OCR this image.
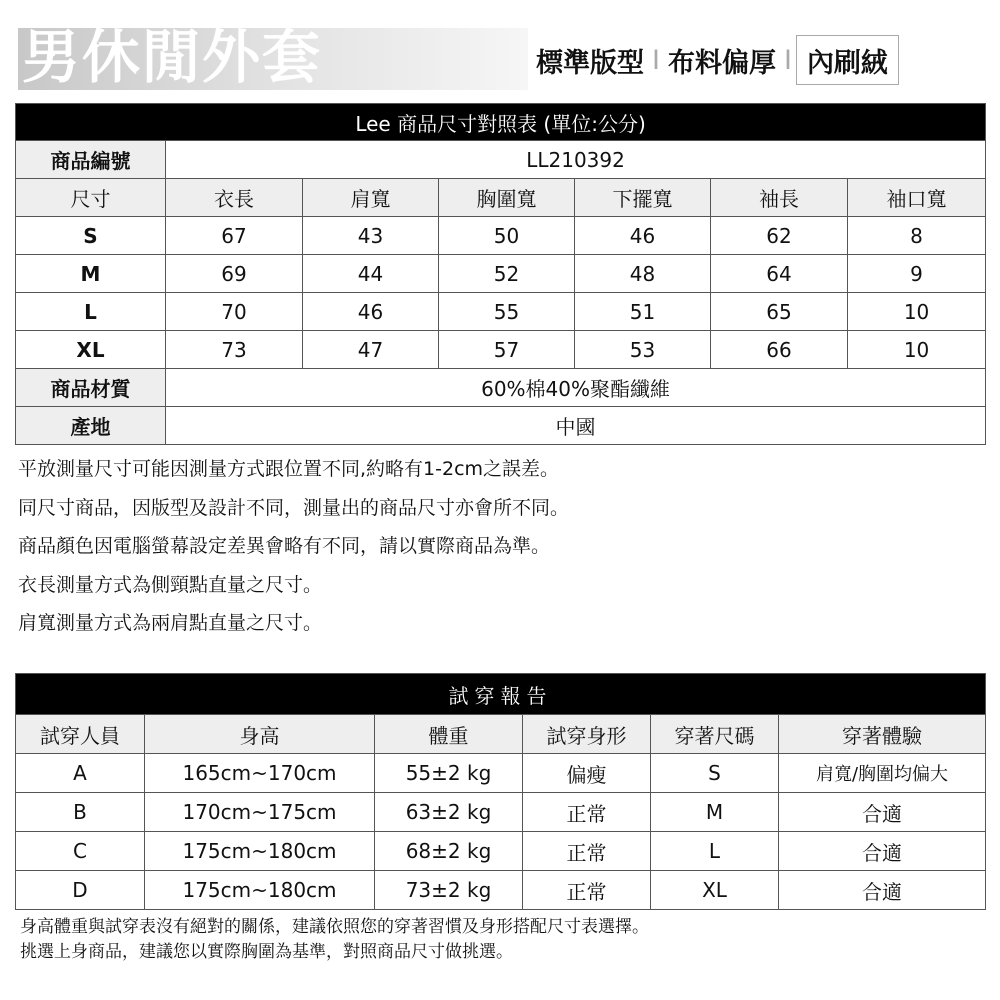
男休閒外套	標準版型 I 布料偏厚 I 內刷絨
Lee 商品尺寸對照表 (單位:公分)						
商品編號	LL210392					
尺寸	衣長	肩寬	胸圍寬	下擺寬	袖長	袖口寬
S	67	43	50	46	62	8
M	69	44	52	48	64	9
L	70	46	55	51	65	10
XL	73	47	57	53	66	10
商品材質	60%棉40%聚酯纖維					
產地	中國					
平放測量尺寸可能因測量方式跟位置不同,約略有1-2cm之誤差。
同尺寸商品，因版型及設計不同，測量出的商品尺寸亦會所不同。
商品顏色因電腦螢幕設定差異會略有不同，請以實際商品為準。
衣長測量方式為側頸點直量之尺寸。
肩寬測量方式為兩肩點直量之尺寸。
試穿報告					
試穿人員	身高	體重	試穿身形	穿著尺碼	穿著體驗
A	165cm~170cm	55±2 kg	偏瘦	S	肩寬/胸圍均偏大
B	170cm~175cm	63±2 kg	正常	M	合適
C	175cm~180cm	68±2 kg	正常	L	合適
D	175cm~180cm	73±2 kg	正常	XL	合適
身高體重與試穿表沒有絕對的關係，建議依照您的穿著習慣及身形搭配尺寸表選擇。
挑選上身商品，建議您以實際胸圍為基準，對照商品尺寸做挑選。
